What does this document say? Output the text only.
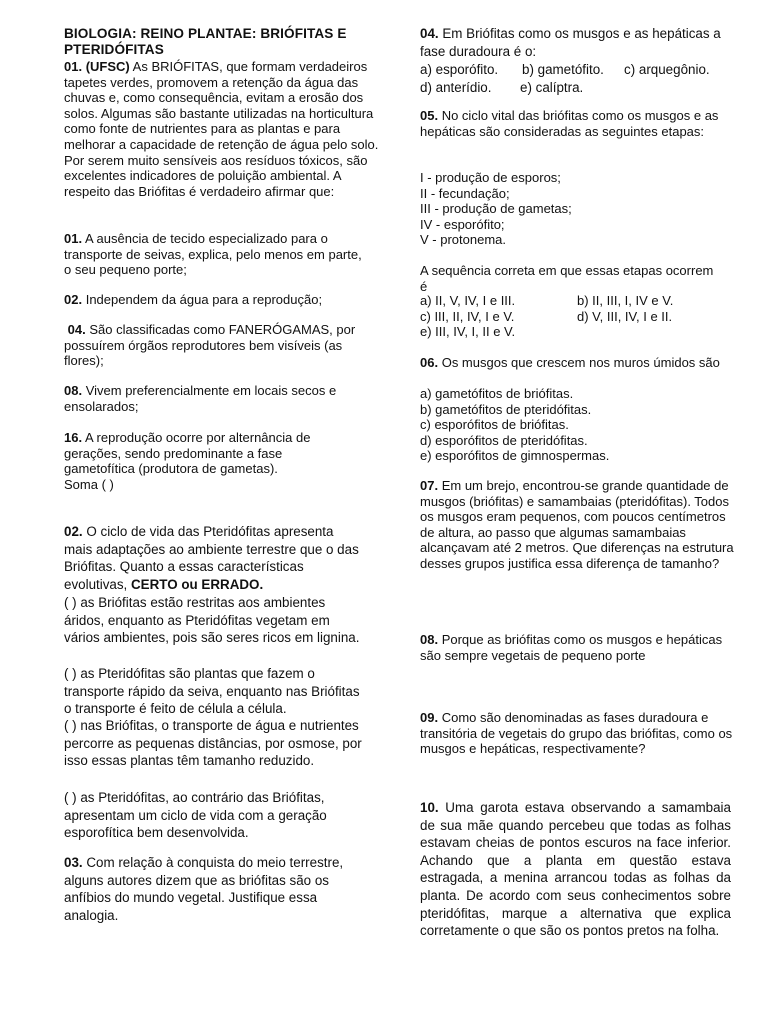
BIOLOGIA: REINO PLANTAE: BRIÓFITAS E PTERIDÓFITAS
01. (UFSC) As BRIÓFITAS, que formam verdadeiros tapetes verdes, promovem a retenção da água das chuvas e, como consequência, evitam a erosão dos solos. Algumas são bastante utilizadas na horticultura como fonte de nutrientes para as plantas e para melhorar a capacidade de retenção de água pelo solo. Por serem muito sensíveis aos resíduos tóxicos, são excelentes indicadores de poluição ambiental. A respeito das Briófitas é verdadeiro afirmar que:
01. A ausência de tecido especializado para o transporte de seivas, explica, pelo menos em parte, o seu pequeno porte;
02. Independem da água para a reprodução;
04. São classificadas como FANERÓGAMAS, por possuírem órgãos reprodutores bem visíveis (as flores);
08. Vivem preferencialmente em locais secos e ensolarados;
16. A reprodução ocorre por alternância de gerações, sendo predominante a fase gametofítica (produtora de gametas).
Soma ( )
02. O ciclo de vida das Pteridófitas apresenta mais adaptações ao ambiente terrestre que o das Briófitas. Quanto a essas características evolutivas, CERTO ou ERRADO.
( ) as Briófitas estão restritas aos ambientes áridos, enquanto as Pteridófitas vegetam em vários ambientes, pois são seres ricos em lignina.
( ) as Pteridófitas são plantas que fazem o transporte rápido da seiva, enquanto nas Briófitas o transporte é feito de célula a célula.
( ) nas Briófitas, o transporte de água e nutrientes percorre as pequenas distâncias, por osmose, por isso essas plantas têm tamanho reduzido.
( ) as Pteridófitas, ao contrário das Briófitas, apresentam um ciclo de vida com a geração esporofítica bem desenvolvida.
03. Com relação à conquista do meio terrestre, alguns autores dizem que as briófitas são os anfíbios do mundo vegetal. Justifique essa analogia.
04. Em Briófitas como os musgos e as hepáticas a fase duradoura é o:
a) esporófito. b) gametófito. c) arquegônio.
d) anterídio. e) calíptra.
05. No ciclo vital das briófitas como os musgos e as hepáticas são consideradas as seguintes etapas:
I - produção de esporos;
II - fecundação;
III - produção de gametas;
IV - esporófito;
V - protonema.
A sequência correta em que essas etapas ocorrem é
a) II, V, IV, I e III.	b) II, III, I, IV e V.
c) III, II, IV, I e V.	d) V, III, IV, I e II.
e) III, IV, I, II e V.
06. Os musgos que crescem nos muros úmidos são
a) gametófitos de briófitas.
b) gametófitos de pteridófitas.
c) esporófitos de briófitas.
d) esporófitos de pteridófitas.
e) esporófitos de gimnospermas.
07. Em um brejo, encontrou-se grande quantidade de musgos (briófitas) e samambaias (pteridófitas). Todos os musgos eram pequenos, com poucos centímetros de altura, ao passo que algumas samambaias alcançavam até 2 metros. Que diferenças na estrutura desses grupos justifica essa diferença de tamanho?
08. Porque as briófitas como os musgos e hepáticas são sempre vegetais de pequeno porte
09. Como são denominadas as fases duradoura e transitória de vegetais do grupo das briófitas, como os musgos e hepáticas, respectivamente?
10. Uma garota estava observando a samambaia de sua mãe quando percebeu que todas as folhas estavam cheias de pontos escuros na face inferior. Achando que a planta em questão estava estragada, a menina arrancou todas as folhas da planta. De acordo com seus conhecimentos sobre pteridófitas, marque a alternativa que explica corretamente o que são os pontos pretos na folha.
